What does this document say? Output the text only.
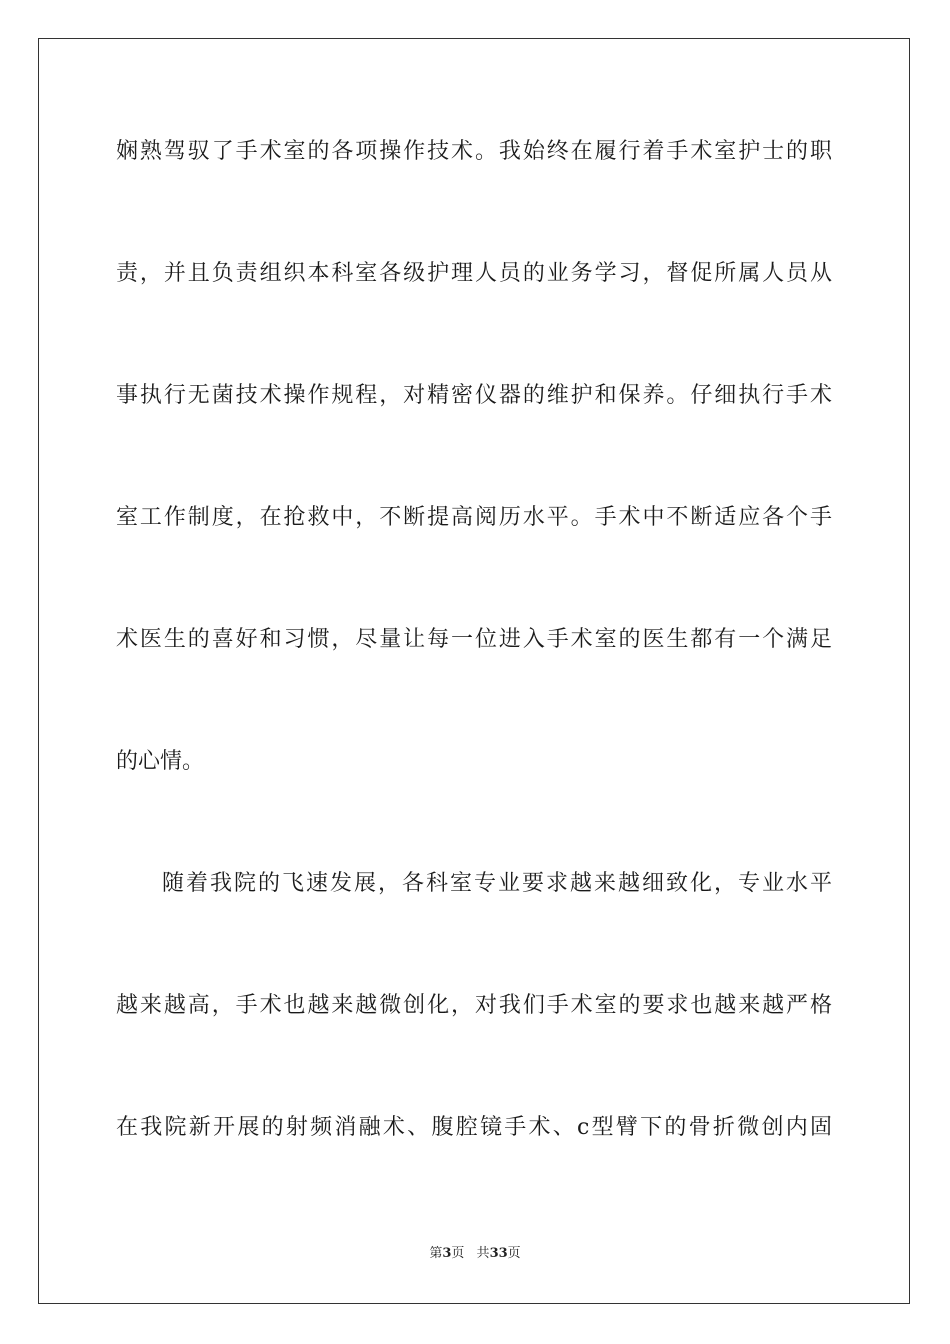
娴熟驾驭了手术室的各项操作技术。我始终在履行着手术室护士的职
责，并且负责组织本科室各级护理人员的业务学习，督促所属人员从
事执行无菌技术操作规程，对精密仪器的维护和保养。仔细执行手术
室工作制度，在抢救中，不断提高阅历水平。手术中不断适应各个手
术医生的喜好和习惯，尽量让每一位进入手术室的医生都有一个满足
的心情。
随着我院的飞速发展，各科室专业要求越来越细致化，专业水平
越来越高，手术也越来越微创化，对我们手术室的要求也越来越严格
在我院新开展的射频消融术、腹腔镜手术、c型臂下的骨折微创内固
第3页 共33页
